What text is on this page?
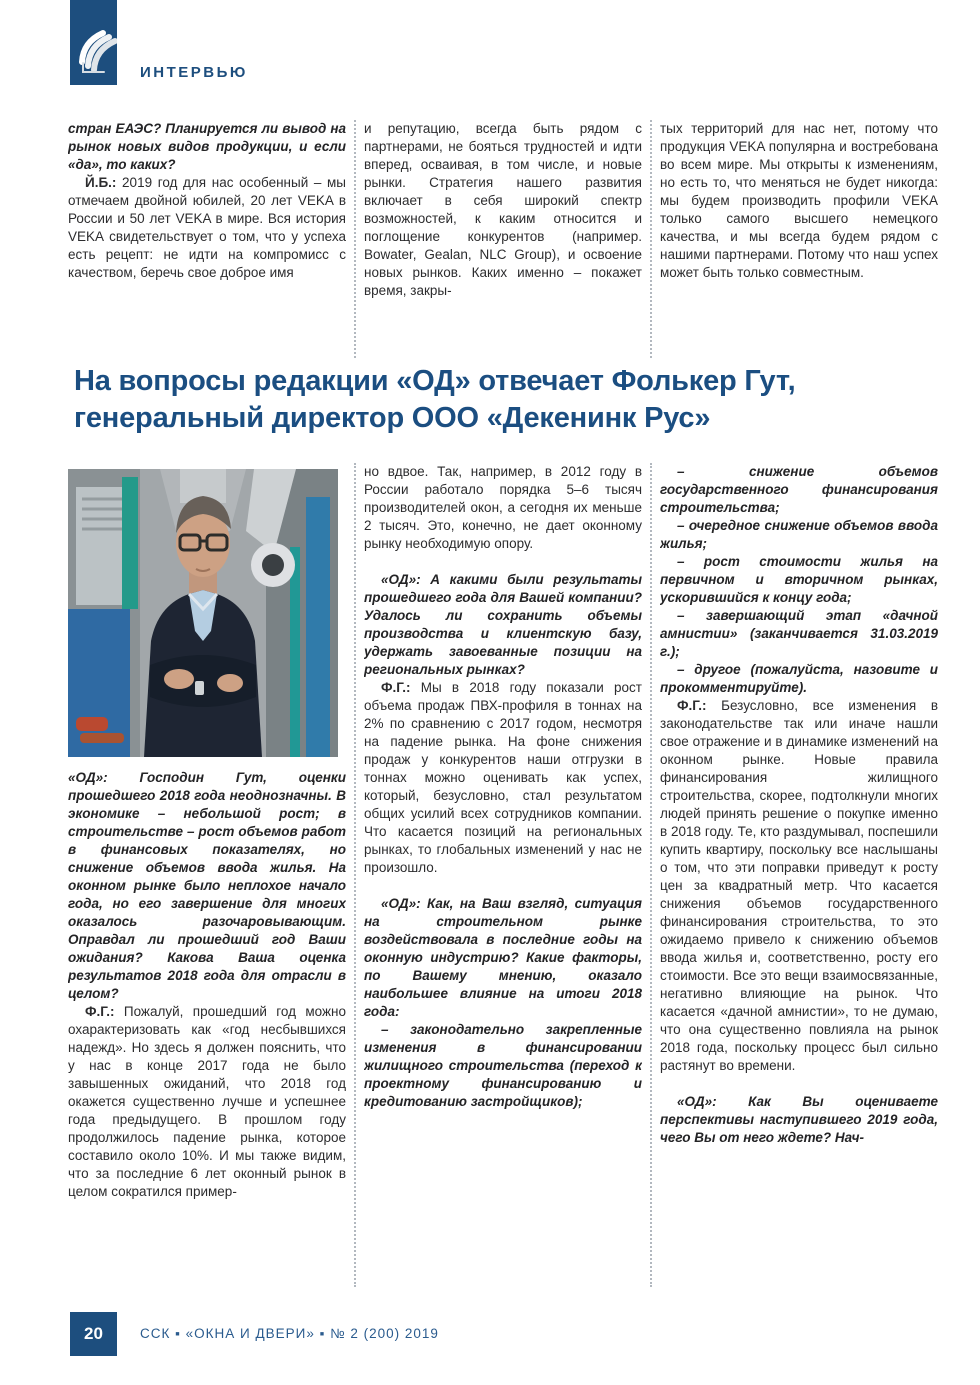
ИНТЕРВЬЮ

стран ЕАЭС? Планируется ли вывод на рынок новых видов продукции, и если «да», то каких?

Й.Б.: 2019 год для нас особенный – мы отмечаем двойной юбилей, 20 лет VEKA в России и 50 лет VEKA в мире. Вся история VEKA свидетельствует о том, что у успеха есть рецепт: не идти на компромисс с качеством, беречь свое доброе имя

и репутацию, всегда быть рядом с партнерами, не бояться трудностей и идти вперед, осваивая, в том числе, и новые рынки. Стратегия нашего развития включает в себя широкий спектр возможностей, к каким относится и поглощение конкурентов (например. Bowater, Gealan, NLC Group), и освоение новых рынков. Каких именно – покажет время, закры-

тых территорий для нас нет, потому что продукция VEKA популярна и востребована во всем мире. Мы открыты к изменениям, но есть то, что меняться не будет никогда: мы будем производить профили VEKA только самого высшего немецкого качества, и мы всегда будем рядом с нашими партнерами. Потому что наш успех может быть только совместным.

На вопросы редакции «ОД» отвечает Фолькер Гут,
генеральный директор ООО «Декенинк Рус»

«ОД»: Господин Гут, оценки прошедшего 2018 года неоднозначны. В экономике – небольшой рост; в строительстве – рост объемов работ в финансовых показателях, но снижение объемов ввода жилья. На оконном рынке было неплохое начало года, но его завершение для многих оказалось разочаровывающим. Оправдал ли прошедший год Ваши ожидания? Какова Ваша оценка результатов 2018 года для отрасли в целом?

Ф.Г.: Пожалуй, прошедший год можно охарактеризовать как «год несбывшихся надежд». Но здесь я должен пояснить, что у нас в конце 2017 года не было завышенных ожиданий, что 2018 год окажется существенно лучше и успешнее года предыдущего. В прошлом году продолжилось падение рынка, которое составило около 10%. И мы также видим, что за последние 6 лет оконный рынок в целом сократился пример-

но вдвое. Так, например, в 2012 году в России работало порядка 5–6 тысяч производителей окон, а сегодня их меньше 2 тысяч. Это, конечно, не дает оконному рынку необходимую опору.

«ОД»: А какими были результаты прошедшего года для Вашей компании? Удалось ли сохранить объемы производства и клиентскую базу, удержать завоеванные позиции на региональных рынках?

Ф.Г.: Мы в 2018 году показали рост объема продаж ПВХ-профиля в тоннах на 2% по сравнению с 2017 годом, несмотря на падение рынка. На фоне снижения продаж у конкурентов наши отгрузки в тоннах можно оценивать как успех, который, безусловно, стал результатом общих усилий всех сотрудников компании. Что касается позиций на региональных рынках, то глобальных изменений у нас не произошло.

«ОД»: Как, на Ваш взгляд, ситуация на строительном рынке воздействовала в последние годы на оконную индустрию? Какие факторы, по Вашему мнению, оказало наибольшее влияние на итоги 2018 года:

– законодательно закрепленные изменения в финансировании жилищного строительства (переход к проектному финансированию и кредитованию застройщиков);

– снижение объемов государственного финансирования строительства;

– очередное снижение объемов ввода жилья;

– рост стоимости жилья на первичном и вторичном рынках, ускорившийся к концу года;

– завершающий этап «дачной амнистии» (заканчивается 31.03.2019 г.);

– другое (пожалуйста, назовите и прокомментируйте).

Ф.Г.: Безусловно, все изменения в законодательстве так или иначе нашли свое отражение и в динамике изменений на оконном рынке. Новые правила финансирования жилищного строительства, скорее, подтолкнули многих людей принять решение о покупке именно в 2018 году. Те, кто раздумывал, поспешили купить квартиру, поскольку все наслышаны о том, что эти поправки приведут к росту цен за квадратный метр. Что касается снижения объемов государственного финансирования строительства, то это ожидаемо привело к снижению объемов ввода жилья и, соответственно, росту его стоимости. Все это вещи взаимосвязанные, негативно влияющие на рынок. Что касается «дачной амнистии», то не думаю, что она существенно повлияла на рынок 2018 года, поскольку процесс был сильно растянут во времени.

«ОД»: Как Вы оцениваете перспективы наступившего 2019 года, чего Вы от него ждете? Нач-

20	ССК ▪ «ОКНА И ДВЕРИ» ▪ № 2 (200) 2019
